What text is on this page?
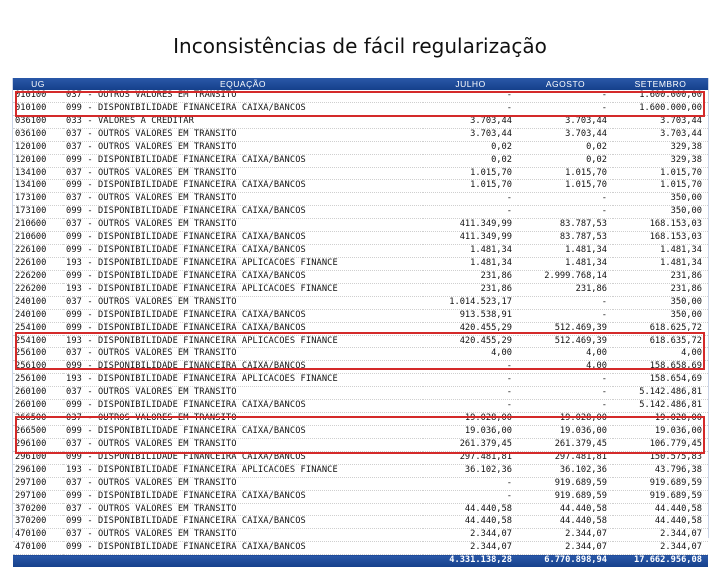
Inconsistências de fácil regularização
UG	EQUAÇÃO	JULHO	AGOSTO	SETEMBRO
010100	037 - OUTROS VALORES EM TRANSITO	-	-	1.600.000,00
010100	099 - DISPONIBILIDADE FINANCEIRA CAIXA/BANCOS	-	-	1.600.000,00
036100	033 - VALORES A CREDITAR	3.703,44	3.703,44	3.703,44
036100	037 - OUTROS VALORES EM TRANSITO	3.703,44	3.703,44	3.703,44
120100	037 - OUTROS VALORES EM TRANSITO	0,02	0,02	329,38
120100	099 - DISPONIBILIDADE FINANCEIRA CAIXA/BANCOS	0,02	0,02	329,38
134100	037 - OUTROS VALORES EM TRANSITO	1.015,70	1.015,70	1.015,70
134100	099 - DISPONIBILIDADE FINANCEIRA CAIXA/BANCOS	1.015,70	1.015,70	1.015,70
173100	037 - OUTROS VALORES EM TRANSITO	-	-	350,00
173100	099 - DISPONIBILIDADE FINANCEIRA CAIXA/BANCOS	-	-	350,00
210600	037 - OUTROS VALORES EM TRANSITO	411.349,99	83.787,53	168.153,03
210600	099 - DISPONIBILIDADE FINANCEIRA CAIXA/BANCOS	411.349,99	83.787,53	168.153,03
226100	099 - DISPONIBILIDADE FINANCEIRA CAIXA/BANCOS	1.481,34	1.481,34	1.481,34
226100	193 - DISPONIBILIDADE FINANCEIRA APLICACOES FINANCE	1.481,34	1.481,34	1.481,34
226200	099 - DISPONIBILIDADE FINANCEIRA CAIXA/BANCOS	231,86	2.999.768,14	231,86
226200	193 - DISPONIBILIDADE FINANCEIRA APLICACOES FINANCE	231,86	231,86	231,86
240100	037 - OUTROS VALORES EM TRANSITO	1.014.523,17	-	350,00
240100	099 - DISPONIBILIDADE FINANCEIRA CAIXA/BANCOS	913.538,91	-	350,00
254100	099 - DISPONIBILIDADE FINANCEIRA CAIXA/BANCOS	420.455,29	512.469,39	618.625,72
254100	193 - DISPONIBILIDADE FINANCEIRA APLICACOES FINANCE	420.455,29	512.469,39	618.635,72
256100	037 - OUTROS VALORES EM TRANSITO	4,00	4,00	4,00
256100	099 - DISPONIBILIDADE FINANCEIRA CAIXA/BANCOS	-	4,00	158.658,69
256100	193 - DISPONIBILIDADE FINANCEIRA APLICACOES FINANCE	-	-	158.654,69
260100	037 - OUTROS VALORES EM TRANSITO	-	-	5.142.486,81
260100	099 - DISPONIBILIDADE FINANCEIRA CAIXA/BANCOS	-	-	5.142.486,81
266500	037 - OUTROS VALORES EM TRANSITO	19.028,00	19.028,00	19.028,00
266500	099 - DISPONIBILIDADE FINANCEIRA CAIXA/BANCOS	19.036,00	19.036,00	19.036,00
296100	037 - OUTROS VALORES EM TRANSITO	261.379,45	261.379,45	106.779,45
296100	099 - DISPONIBILIDADE FINANCEIRA CAIXA/BANCOS	297.481,81	297.481,81	150.575,83
296100	193 - DISPONIBILIDADE FINANCEIRA APLICACOES FINANCE	36.102,36	36.102,36	43.796,38
297100	037 - OUTROS VALORES EM TRANSITO	-	919.689,59	919.689,59
297100	099 - DISPONIBILIDADE FINANCEIRA CAIXA/BANCOS	-	919.689,59	919.689,59
370200	037 - OUTROS VALORES EM TRANSITO	44.440,58	44.440,58	44.440,58
370200	099 - DISPONIBILIDADE FINANCEIRA CAIXA/BANCOS	44.440,58	44.440,58	44.440,58
470100	037 - OUTROS VALORES EM TRANSITO	2.344,07	2.344,07	2.344,07
470100	099 - DISPONIBILIDADE FINANCEIRA CAIXA/BANCOS	2.344,07	2.344,07	2.344,07
		4.331.138,28	6.770.898,94	17.662.956,08
